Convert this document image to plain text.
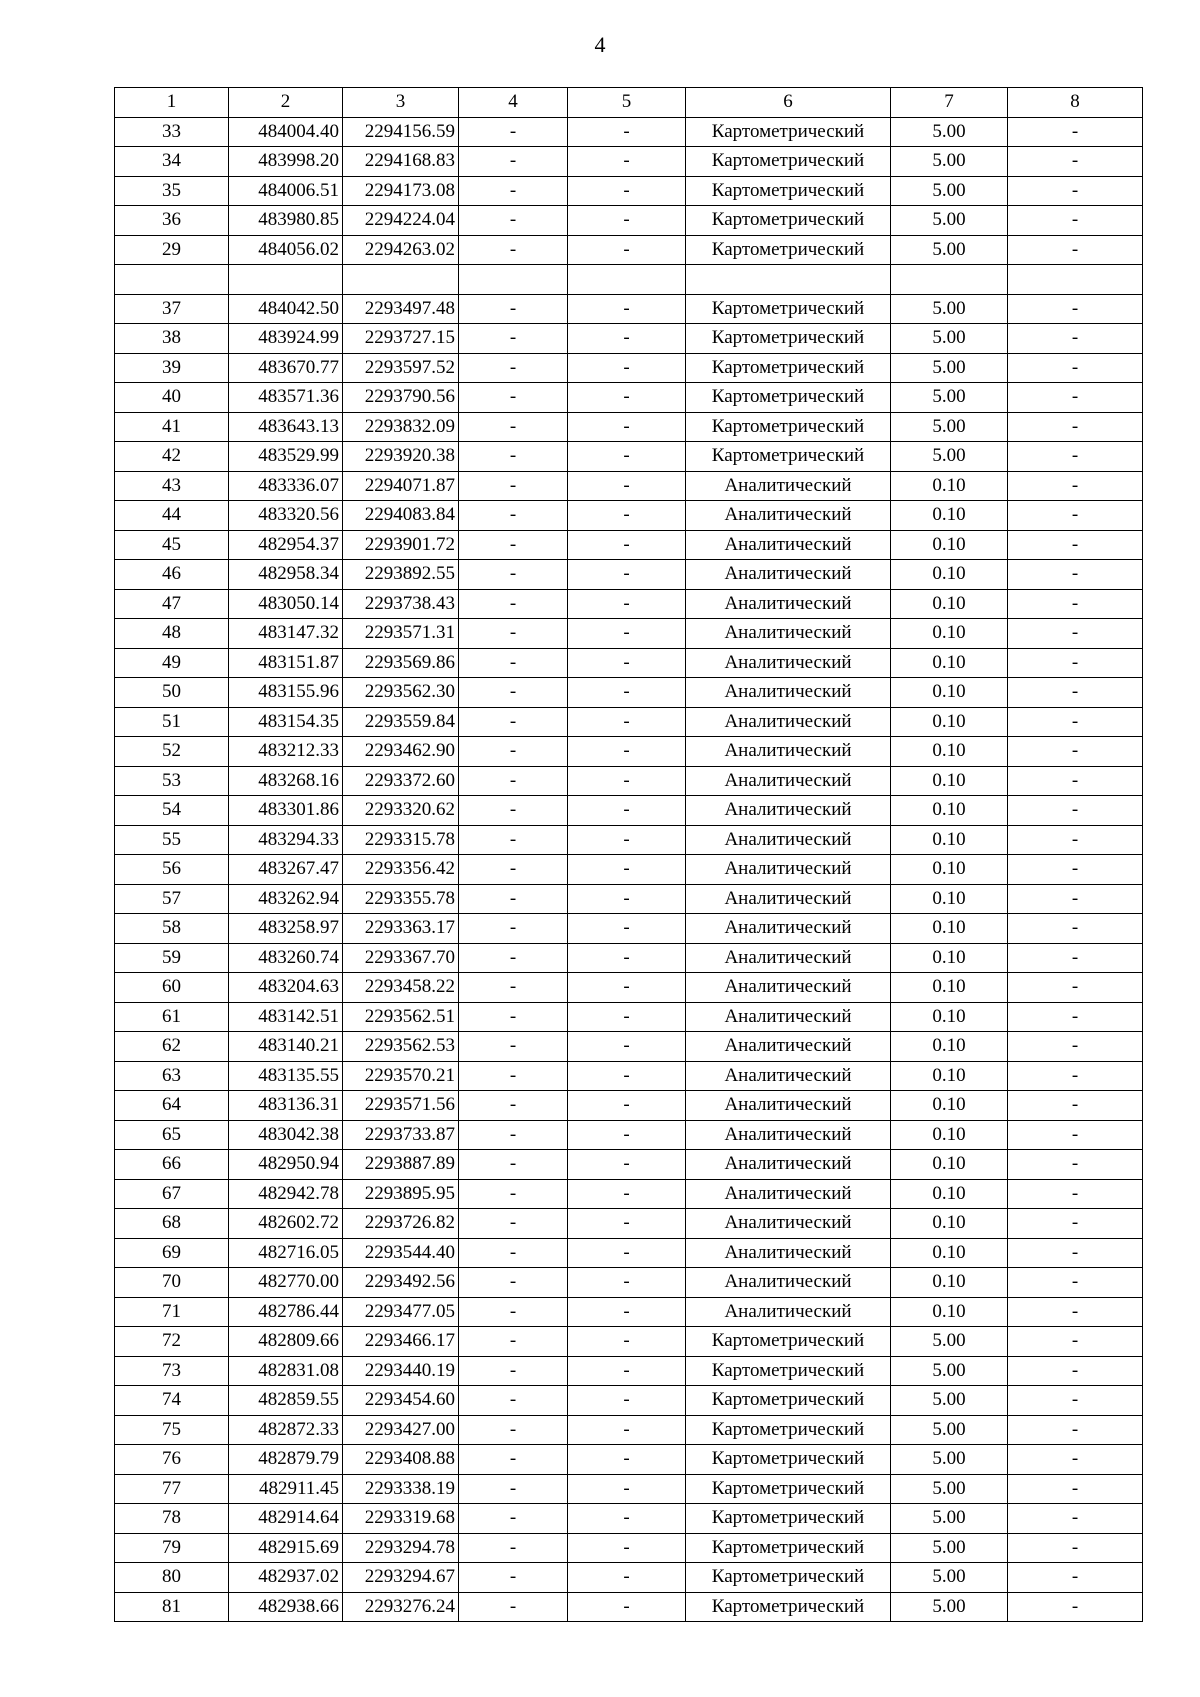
4
1	2	3	4	5	6	7	8
33	484004.40	2294156.59	-	-	Картометрический	5.00	-
34	483998.20	2294168.83	-	-	Картометрический	5.00	-
35	484006.51	2294173.08	-	-	Картометрический	5.00	-
36	483980.85	2294224.04	-	-	Картометрический	5.00	-
29	484056.02	2294263.02	-	-	Картометрический	5.00	-

37	484042.50	2293497.48	-	-	Картометрический	5.00	-
38	483924.99	2293727.15	-	-	Картометрический	5.00	-
39	483670.77	2293597.52	-	-	Картометрический	5.00	-
40	483571.36	2293790.56	-	-	Картометрический	5.00	-
41	483643.13	2293832.09	-	-	Картометрический	5.00	-
42	483529.99	2293920.38	-	-	Картометрический	5.00	-
43	483336.07	2294071.87	-	-	Аналитический	0.10	-
44	483320.56	2294083.84	-	-	Аналитический	0.10	-
45	482954.37	2293901.72	-	-	Аналитический	0.10	-
46	482958.34	2293892.55	-	-	Аналитический	0.10	-
47	483050.14	2293738.43	-	-	Аналитический	0.10	-
48	483147.32	2293571.31	-	-	Аналитический	0.10	-
49	483151.87	2293569.86	-	-	Аналитический	0.10	-
50	483155.96	2293562.30	-	-	Аналитический	0.10	-
51	483154.35	2293559.84	-	-	Аналитический	0.10	-
52	483212.33	2293462.90	-	-	Аналитический	0.10	-
53	483268.16	2293372.60	-	-	Аналитический	0.10	-
54	483301.86	2293320.62	-	-	Аналитический	0.10	-
55	483294.33	2293315.78	-	-	Аналитический	0.10	-
56	483267.47	2293356.42	-	-	Аналитический	0.10	-
57	483262.94	2293355.78	-	-	Аналитический	0.10	-
58	483258.97	2293363.17	-	-	Аналитический	0.10	-
59	483260.74	2293367.70	-	-	Аналитический	0.10	-
60	483204.63	2293458.22	-	-	Аналитический	0.10	-
61	483142.51	2293562.51	-	-	Аналитический	0.10	-
62	483140.21	2293562.53	-	-	Аналитический	0.10	-
63	483135.55	2293570.21	-	-	Аналитический	0.10	-
64	483136.31	2293571.56	-	-	Аналитический	0.10	-
65	483042.38	2293733.87	-	-	Аналитический	0.10	-
66	482950.94	2293887.89	-	-	Аналитический	0.10	-
67	482942.78	2293895.95	-	-	Аналитический	0.10	-
68	482602.72	2293726.82	-	-	Аналитический	0.10	-
69	482716.05	2293544.40	-	-	Аналитический	0.10	-
70	482770.00	2293492.56	-	-	Аналитический	0.10	-
71	482786.44	2293477.05	-	-	Аналитический	0.10	-
72	482809.66	2293466.17	-	-	Картометрический	5.00	-
73	482831.08	2293440.19	-	-	Картометрический	5.00	-
74	482859.55	2293454.60	-	-	Картометрический	5.00	-
75	482872.33	2293427.00	-	-	Картометрический	5.00	-
76	482879.79	2293408.88	-	-	Картометрический	5.00	-
77	482911.45	2293338.19	-	-	Картометрический	5.00	-
78	482914.64	2293319.68	-	-	Картометрический	5.00	-
79	482915.69	2293294.78	-	-	Картометрический	5.00	-
80	482937.02	2293294.67	-	-	Картометрический	5.00	-
81	482938.66	2293276.24	-	-	Картометрический	5.00	-
